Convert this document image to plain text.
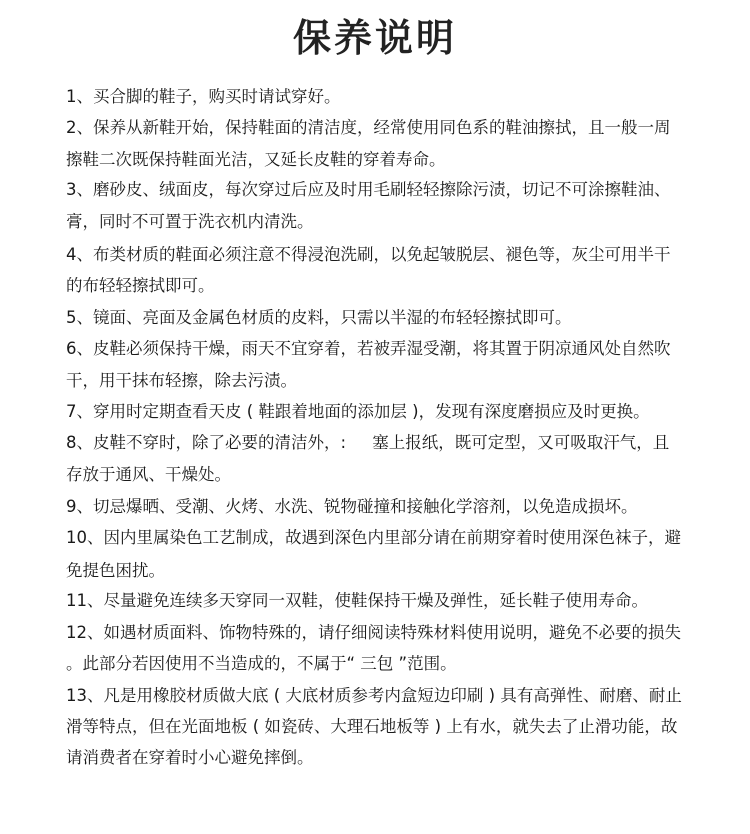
保养说明
1、买合脚的鞋子，购买时请试穿好。
2、保养从新鞋开始，保持鞋面的清洁度，经常使用同色系的鞋油擦拭，且一般一周
擦鞋二次既保持鞋面光洁，又延长皮鞋的穿着寿命。
3、磨砂皮、绒面皮，每次穿过后应及时用毛刷轻轻擦除污渍，切记不可涂擦鞋油、
膏，同时不可置于洗衣机内清洗。
4、布类材质的鞋面必须注意不得浸泡洗刷，以免起皱脱层、褪色等，灰尘可用半干
的布轻轻擦拭即可。
5、镜面、亮面及金属色材质的皮料，只需以半湿的布轻轻擦拭即可。
6、皮鞋必须保持干燥，雨天不宜穿着，若被弄湿受潮，将其置于阴凉通风处自然吹
干，用干抹布轻擦，除去污渍。
7、穿用时定期查看天皮 ( 鞋跟着地面的添加层 )，发现有深度磨损应及时更换。
8、皮鞋不穿时，除了必要的清洁外，:     塞上报纸，既可定型，又可吸取汗气，且
存放于通风、干燥处。
9、切忌爆晒、受潮、火烤、水洗、锐物碰撞和接触化学溶剂，以免造成损坏。
10、因内里属染色工艺制成，故遇到深色内里部分请在前期穿着时使用深色袜子，避
免提色困扰。
11、尽量避免连续多天穿同一双鞋，使鞋保持干燥及弹性，延长鞋子使用寿命。
12、如遇材质面料、饰物特殊的，请仔细阅读特殊材料使用说明，避免不必要的损失
。此部分若因使用不当造成的，不属于“ 三包 ”范围。
13、凡是用橡胶材质做大底 ( 大底材质参考内盒短边印刷 ) 具有高弹性、耐磨、耐止
滑等特点，但在光面地板 ( 如瓷砖、大理石地板等 ) 上有水，就失去了止滑功能，故
请消费者在穿着时小心避免摔倒。
